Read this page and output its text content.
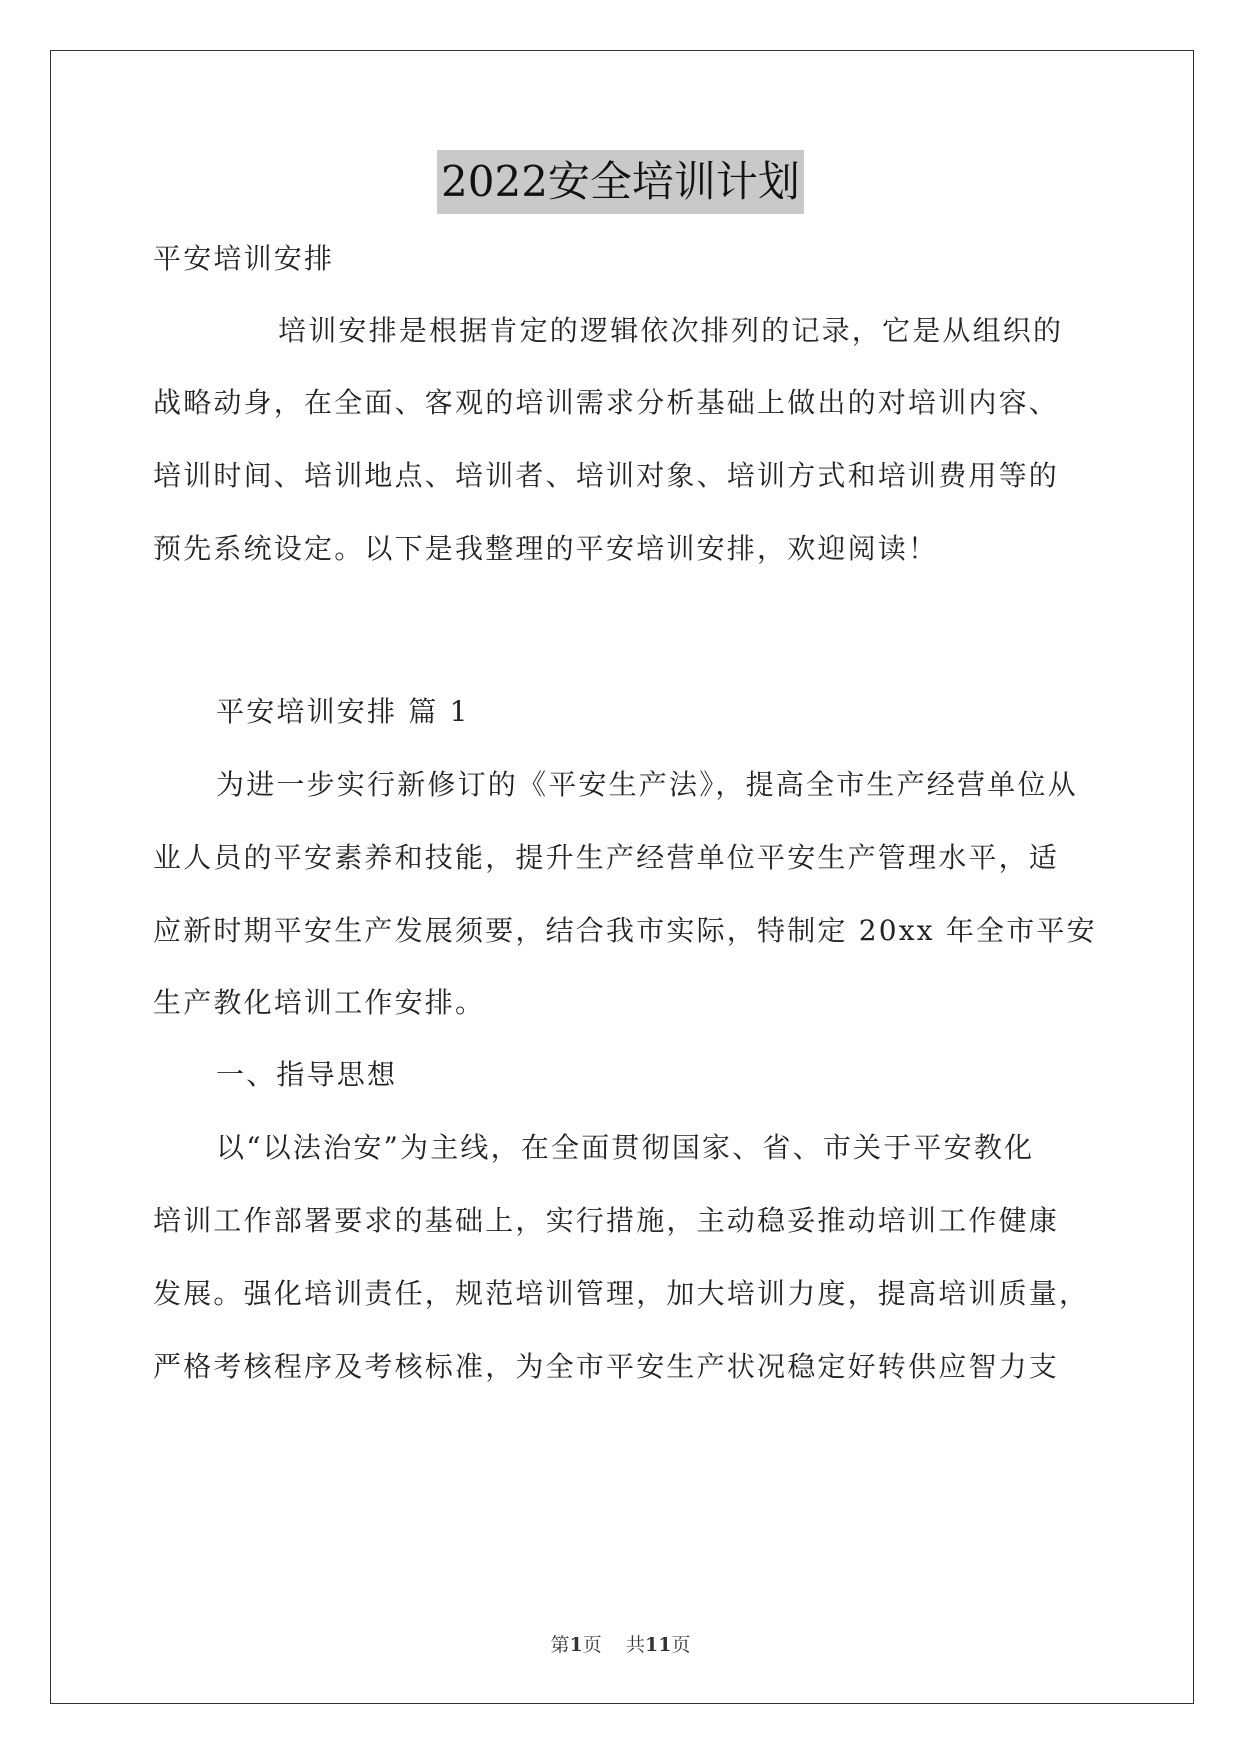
2022安全培训计划
平安培训安排
培训安排是根据肯定的逻辑依次排列的记录，它是从组织的
战略动身，在全面、客观的培训需求分析基础上做出的对培训内容、
培训时间、培训地点、培训者、培训对象、培训方式和培训费用等的
预先系统设定。以下是我整理的平安培训安排，欢迎阅读！
平安培训安排 篇 1
为进一步实行新修订的《平安生产法》，提高全市生产经营单位从
业人员的平安素养和技能，提升生产经营单位平安生产管理水平，适
应新时期平安生产发展须要，结合我市实际，特制定 20xx 年全市平安
生产教化培训工作安排。
一、指导思想
以“以法治安”为主线，在全面贯彻国家、省、市关于平安教化
培训工作部署要求的基础上，实行措施，主动稳妥推动培训工作健康
发展。强化培训责任，规范培训管理，加大培训力度，提高培训质量，
严格考核程序及考核标准，为全市平安生产状况稳定好转供应智力支
第1页 共11页
